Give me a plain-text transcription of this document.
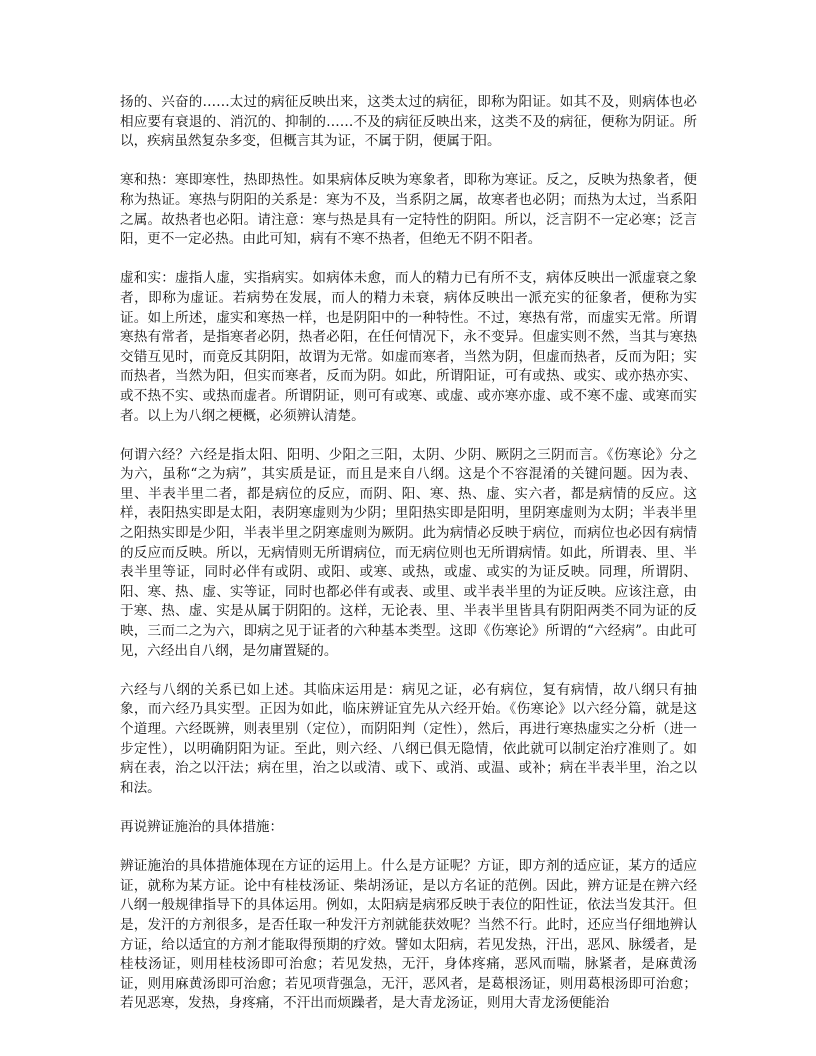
扬的、兴奋的……太过的病征反映出来，这类太过的病征，即称为阳证。如其不及，则病体也必相应要有衰退的、消沉的、抑制的……不及的病征反映出来，这类不及的病征，便称为阴证。所以，疾病虽然复杂多变，但概言其为证，不属于阴，便属于阳。

寒和热：寒即寒性，热即热性。如果病体反映为寒象者，即称为寒证。反之，反映为热象者，便称为热证。寒热与阴阳的关系是：寒为不及，当系阴之属，故寒者也必阴；而热为太过，当系阳之属。故热者也必阳。请注意：寒与热是具有一定特性的阴阳。所以，泛言阴不一定必寒；泛言阳，更不一定必热。由此可知，病有不寒不热者，但绝无不阴不阳者。

虚和实：虚指人虚，实指病实。如病体未愈，而人的精力已有所不支，病体反映出一派虚衰之象者，即称为虚证。若病势在发展，而人的精力未衰，病体反映出一派充实的征象者，便称为实证。如上所述，虚实和寒热一样，也是阴阳中的一种特性。不过，寒热有常，而虚实无常。所谓寒热有常者，是指寒者必阴，热者必阳，在任何情况下，永不变异。但虚实则不然，当其与寒热交错互见时，而竟反其阴阳，故谓为无常。如虚而寒者，当然为阴，但虚而热者，反而为阳；实而热者，当然为阳，但实而寒者，反而为阴。如此，所谓阳证，可有或热、或实、或亦热亦实、或不热不实、或热而虚者。所谓阴证，则可有或寒、或虚、或亦寒亦虚、或不寒不虚、或寒而实者。以上为八纲之梗概，必须辨认清楚。

何谓六经？六经是指太阳、阳明、少阳之三阳，太阴、少阴、厥阴之三阴而言。《伤寒论》分之为六，虽称“之为病”，其实质是证，而且是来自八纲。这是个不容混淆的关键问题。因为表、里、半表半里二者，都是病位的反应，而阴、阳、寒、热、虚、实六者，都是病情的反应。这样，表阳热实即是太阳，表阴寒虚则为少阴；里阳热实即是阳明，里阴寒虚则为太阴；半表半里之阳热实即是少阳，半表半里之阴寒虚则为厥阴。此为病情必反映于病位，而病位也必因有病情的反应而反映。所以，无病情则无所谓病位，而无病位则也无所谓病情。如此，所谓表、里、半表半里等证，同时必伴有或阴、或阳、或寒、或热，或虚、或实的为证反映。同理，所谓阴、阳、寒、热、虚、实等证，同时也都必伴有或表、或里、或半表半里的为证反映。应该注意，由于寒、热、虚、实是从属于阴阳的。这样，无论表、里、半表半里皆具有阴阳两类不同为证的反映，三而二之为六，即病之见于证者的六种基本类型。这即《伤寒论》所谓的“六经病”。由此可见，六经出自八纲，是勿庸置疑的。

六经与八纲的关系已如上述。其临床运用是：病见之证，必有病位，复有病情，故八纲只有抽象，而六经乃具实型。正因为如此，临床辨证宜先从六经开始。《伤寒论》以六经分篇，就是这个道理。六经既辨，则表里别（定位），而阴阳判（定性），然后，再进行寒热虚实之分析（进一步定性），以明确阴阳为证。至此，则六经、八纲已俱无隐情，依此就可以制定治疗准则了。如病在表，治之以汗法；病在里，治之以或清、或下、或消、或温、或补；病在半表半里，治之以和法。

再说辨证施治的具体措施：

辨证施治的具体措施体现在方证的运用上。什么是方证呢？方证，即方剂的适应证，某方的适应证，就称为某方证。论中有桂枝汤证、柴胡汤证，是以方名证的范例。因此，辨方证是在辨六经八纲一般规律指导下的具体运用。例如，太阳病是病邪反映于表位的阳性证，依法当发其汗。但是，发汗的方剂很多，是否任取一种发汗方剂就能获效呢？当然不行。此时，还应当仔细地辨认方证，给以适宜的方剂才能取得预期的疗效。譬如太阳病，若见发热，汗出，恶风、脉缓者，是桂枝汤证，则用桂枝汤即可治愈；若见发热，无汗，身体疼痛，恶风而喘，脉紧者，是麻黄汤证，则用麻黄汤即可治愈；若见项背强急，无汗，恶风者，是葛根汤证，则用葛根汤即可治愈；若见恶寒，发热，身疼痛，不汗出而烦躁者，是大青龙汤证，则用大青龙汤便能治
